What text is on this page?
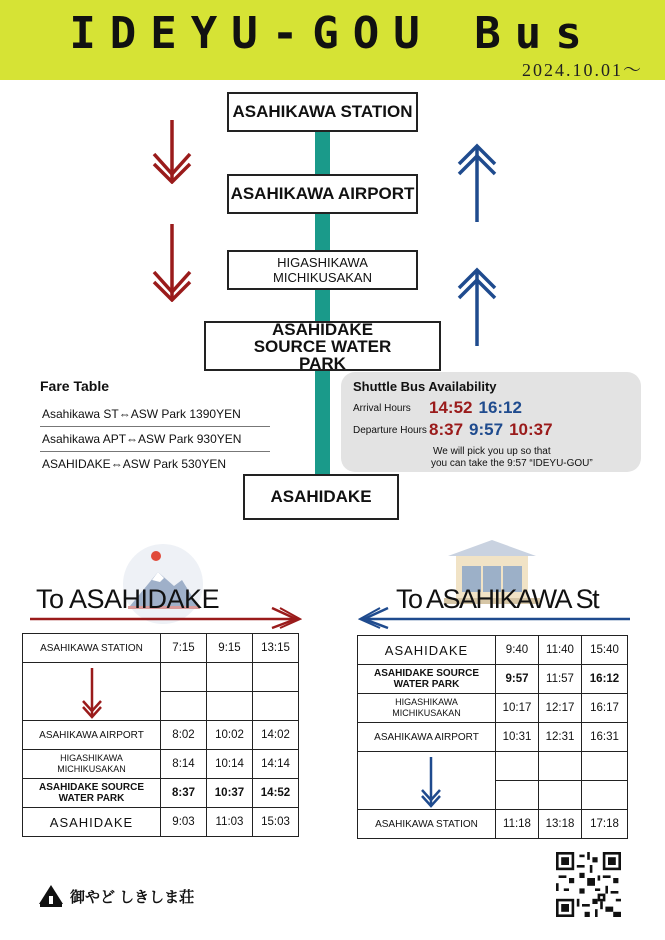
IDEYU-GOU Bus
2024.10.01～
ASAHIKAWA STATION
ASAHIKAWA AIRPORT
HIGASHIKAWA MICHIKUSAKAN
ASAHIDAKE SOURCE WATER PARK
ASAHIDAKE
Fare Table
Asahikawa ST⇔ASW Park 1390YEN
Asahikawa APT⇔ASW Park 930YEN
ASAHIDAKE⇔ASW Park 530YEN
Shuttle Bus Availability
Arrival Hours 14:52 16:12
Departure Hours 8:37 9:57 10:37
We will pick you up so that
you can take the 9:57 “IDEYU-GOU”
To ASAHIDAKE	To ASAHIKAWA St
ASAHIKAWA STATION	7:15	9:15	13:15

ASAHIKAWA AIRPORT	8:02	10:02	14:02
HIGASHIKAWA MICHIKUSAKAN	8:14	10:14	14:14
ASAHIDAKE SOURCE WATER PARK	8:37	10:37	14:52
ASAHIDAKE	9:03	11:03	15:03
ASAHIDAKE	9:40	11:40	15:40
ASAHIDAKE SOURCE WATER PARK	9:57	11:57	16:12
HIGASHIKAWA MICHIKUSAKAN	10:17	12:17	16:17
ASAHIKAWA AIRPORT	10:31	12:31	16:31

ASAHIKAWA STATION	11:18	13:18	17:18
御やど しきしま荘
